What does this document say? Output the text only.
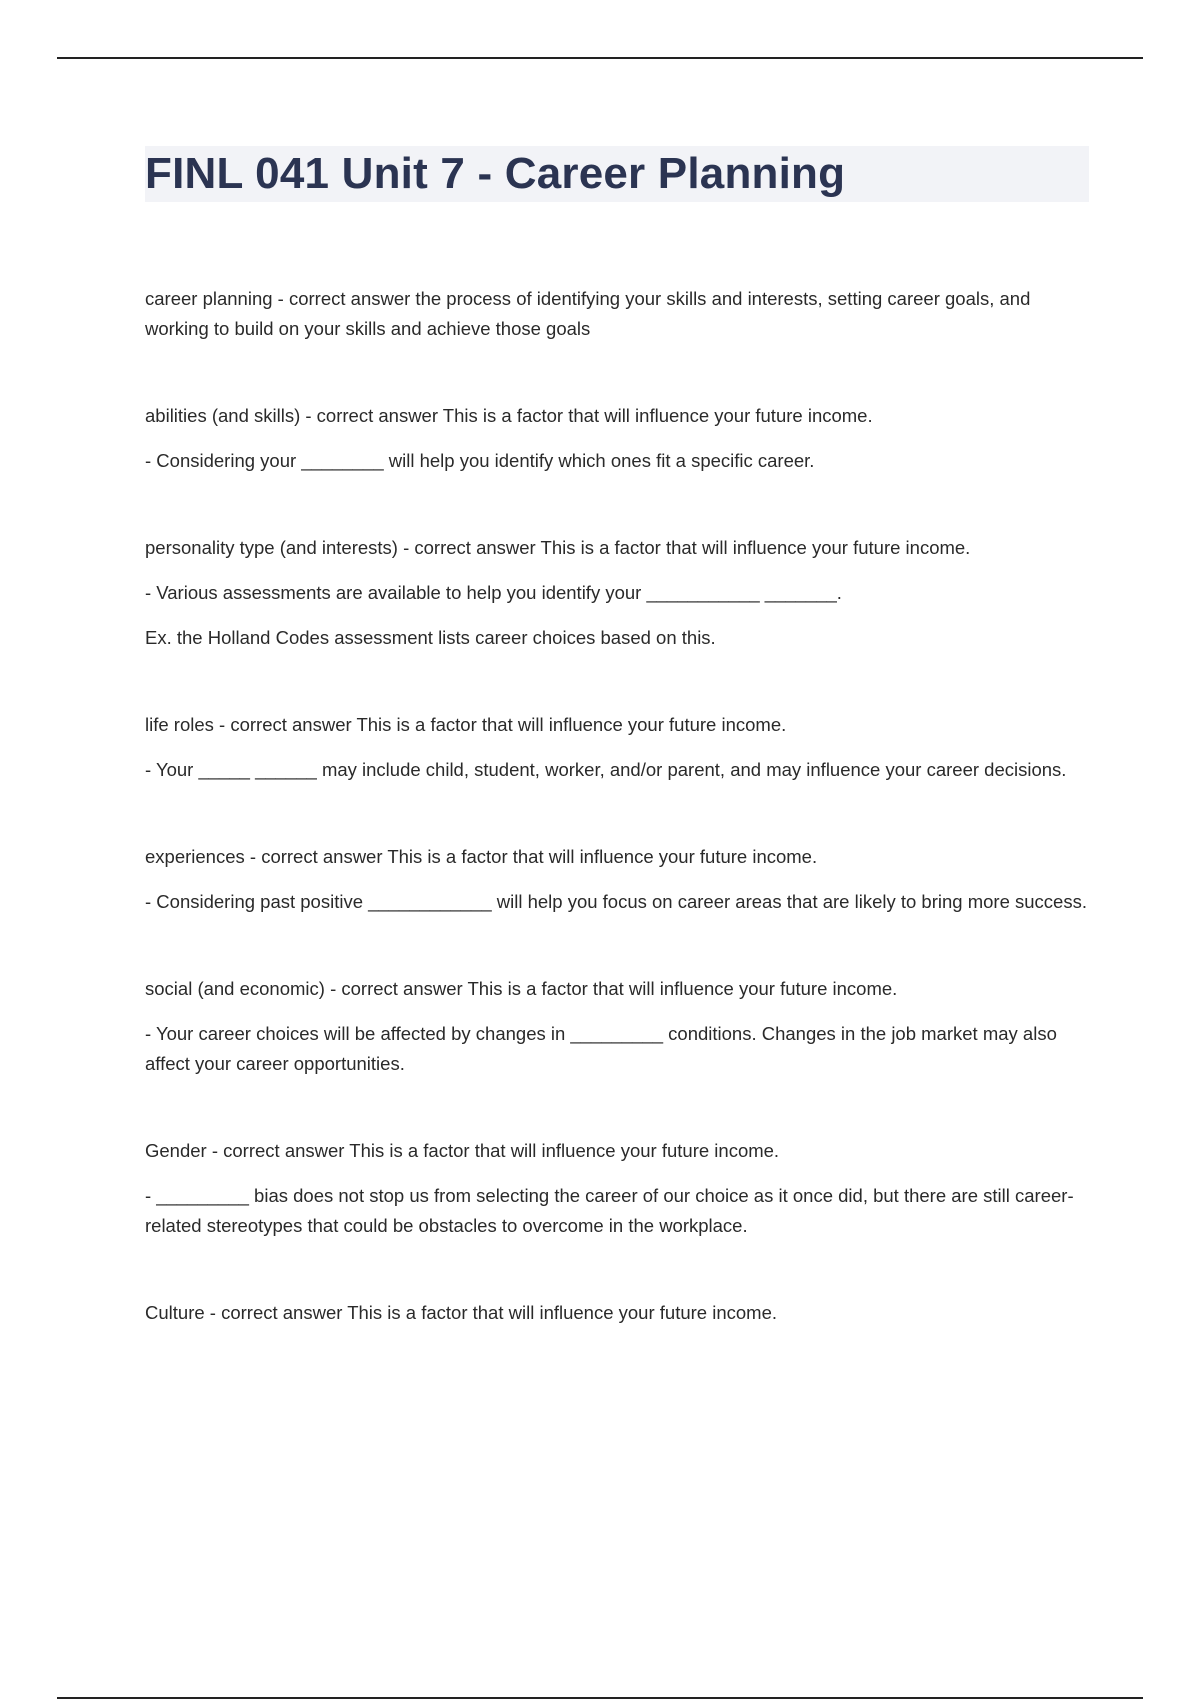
FINL 041 Unit 7 - Career Planning

career planning - correct answer the process of identifying your skills and interests, setting career goals, and working to build on your skills and achieve those goals

abilities (and skills) - correct answer This is a factor that will influence your future income.

- Considering your ________ will help you identify which ones fit a specific career.

personality type (and interests) - correct answer This is a factor that will influence your future income.

- Various assessments are available to help you identify your ___________ _______.

Ex. the Holland Codes assessment lists career choices based on this.

life roles - correct answer This is a factor that will influence your future income.

- Your _____ ______ may include child, student, worker, and/or parent, and may influence your career decisions.

experiences - correct answer This is a factor that will influence your future income.

- Considering past positive ____________ will help you focus on career areas that are likely to bring more success.

social (and economic) - correct answer This is a factor that will influence your future income.

- Your career choices will be affected by changes in _________ conditions. Changes in the job market may also affect your career opportunities.

Gender - correct answer This is a factor that will influence your future income.

- _________ bias does not stop us from selecting the career of our choice as it once did, but there are still career-related stereotypes that could be obstacles to overcome in the workplace.

Culture - correct answer This is a factor that will influence your future income.
